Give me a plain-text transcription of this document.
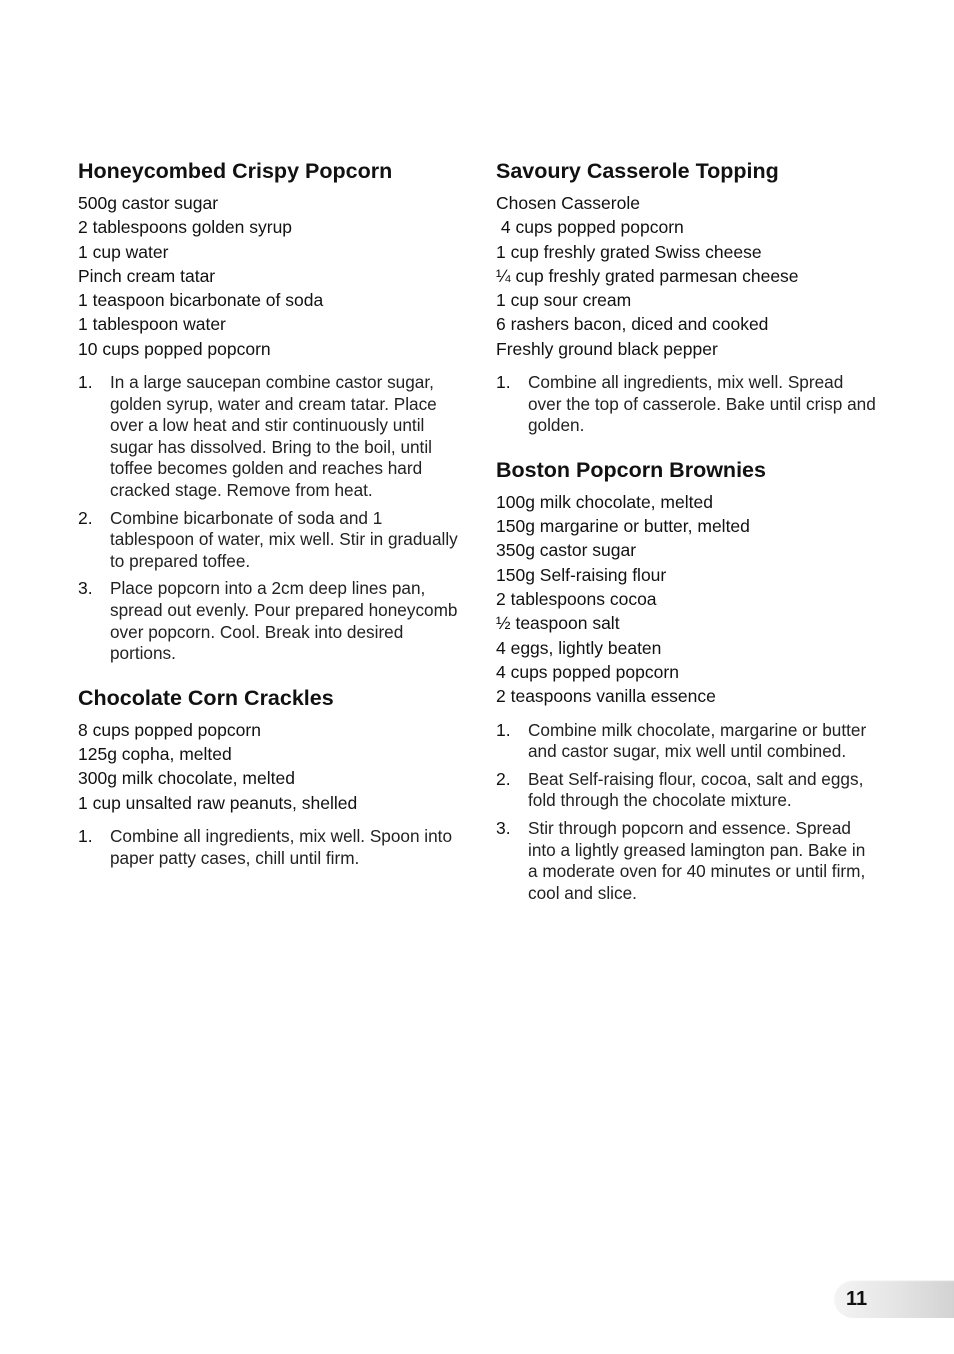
Honeycombed Crispy Popcorn
500g castor sugar
2 tablespoons golden syrup
1 cup water
Pinch cream tatar
1 teaspoon bicarbonate of soda
1 tablespoon water
10 cups popped popcorn
1.	In a large saucepan combine castor sugar, golden syrup, water and cream tatar. Place over a low heat and stir continuously until sugar has dissolved. Bring to the boil, until toffee becomes golden and reaches hard cracked stage. Remove from heat.
2.	Combine bicarbonate of soda and 1 tablespoon of water, mix well. Stir in gradually to prepared toffee.
3.	Place popcorn into a 2cm deep lines pan, spread out evenly. Pour prepared honeycomb over popcorn. Cool. Break into desired portions.
Chocolate Corn Crackles
8 cups popped popcorn
125g copha, melted
300g milk chocolate, melted
1 cup unsalted raw peanuts, shelled
1.	Combine all ingredients, mix well. Spoon into paper patty cases, chill until firm.
Savoury Casserole Topping
Chosen Casserole
4 cups popped popcorn
1 cup freshly grated Swiss cheese
¼ cup freshly grated parmesan cheese
1 cup sour cream
6 rashers bacon, diced and cooked
Freshly ground black pepper
1.	Combine all ingredients, mix well. Spread over the top of casserole. Bake until crisp and golden.
Boston Popcorn Brownies
100g milk chocolate, melted
150g margarine or butter, melted
350g castor sugar
150g Self-raising flour
2 tablespoons cocoa
½ teaspoon salt
4 eggs, lightly beaten
4 cups popped popcorn
2 teaspoons vanilla essence
1.	Combine milk chocolate, margarine or butter and castor sugar, mix well until combined.
2.	Beat Self-raising flour, cocoa, salt and eggs, fold through the chocolate mixture.
3.	Stir through popcorn and essence. Spread into a lightly greased lamington pan. Bake in a moderate oven for 40 minutes or until firm, cool and slice.
11
